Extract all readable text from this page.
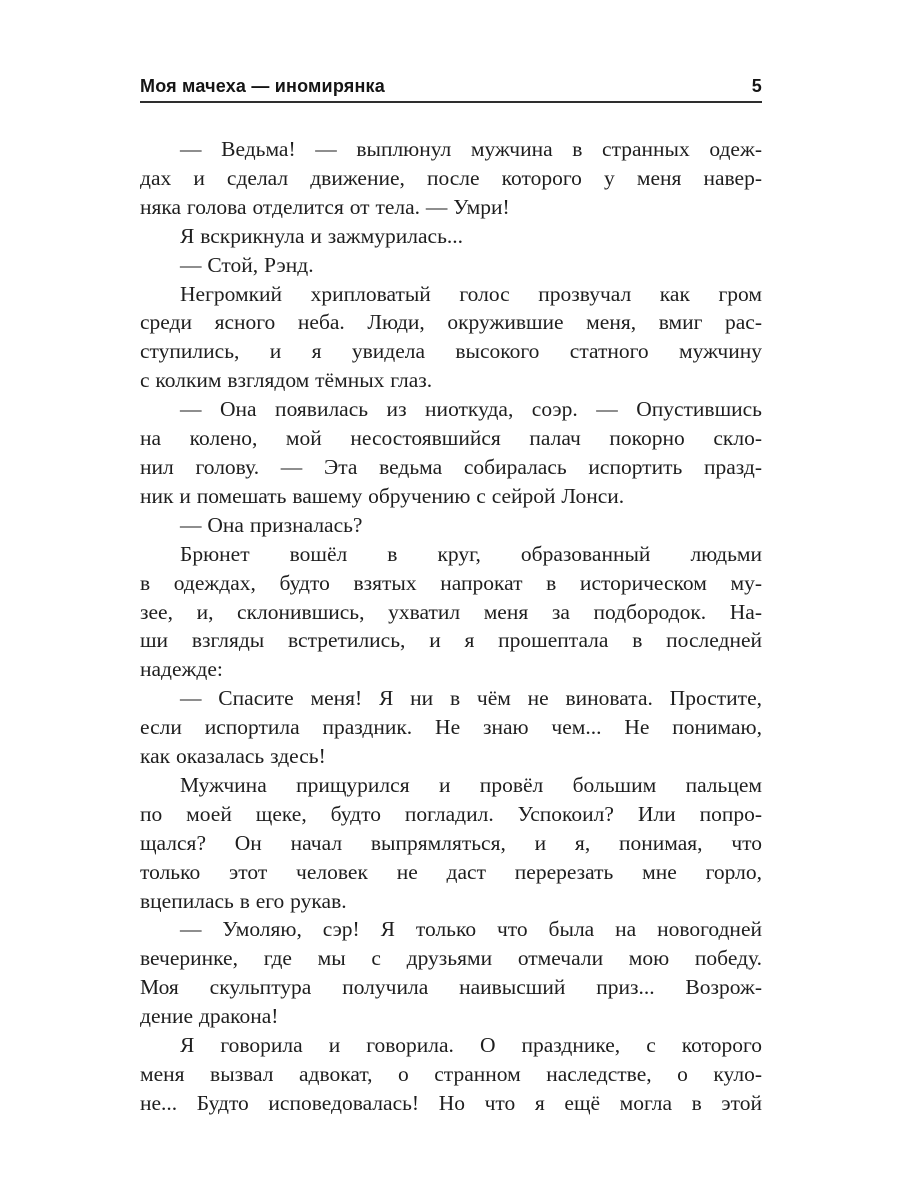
Моя мачеха — иномирянка	5
— Ведьма! — выплюнул мужчина в странных одеж-
дах и сделал движение, после которого у меня навер-
няка голова отделится от тела. — Умри!
Я вскрикнула и зажмурилась...
— Стой, Рэнд.
Негромкий хрипловатый голос прозвучал как гром
среди ясного неба. Люди, окружившие меня, вмиг рас-
ступились, и я увидела высокого статного мужчину
с колким взглядом тёмных глаз.
— Она появилась из ниоткуда, соэр. — Опустившись
на колено, мой несостоявшийся палач покорно скло-
нил голову. — Эта ведьма собиралась испортить празд-
ник и помешать вашему обручению с сейрой Лонси.
— Она призналась?
Брюнет вошёл в круг, образованный людьми
в одеждах, будто взятых напрокат в историческом му-
зее, и, склонившись, ухватил меня за подбородок. На-
ши взгляды встретились, и я прошептала в последней
надежде:
— Спасите меня! Я ни в чём не виновата. Простите,
если испортила праздник. Не знаю чем... Не понимаю,
как оказалась здесь!
Мужчина прищурился и провёл большим пальцем
по моей щеке, будто погладил. Успокоил? Или попро-
щался? Он начал выпрямляться, и я, понимая, что
только этот человек не даст перерезать мне горло,
вцепилась в его рукав.
— Умоляю, сэр! Я только что была на новогодней
вечеринке, где мы с друзьями отмечали мою победу.
Моя скульптура получила наивысший приз... Возрож-
дение дракона!
Я говорила и говорила. О празднике, с которого
меня вызвал адвокат, о странном наследстве, о куло-
не... Будто исповедовалась! Но что я ещё могла в этой
